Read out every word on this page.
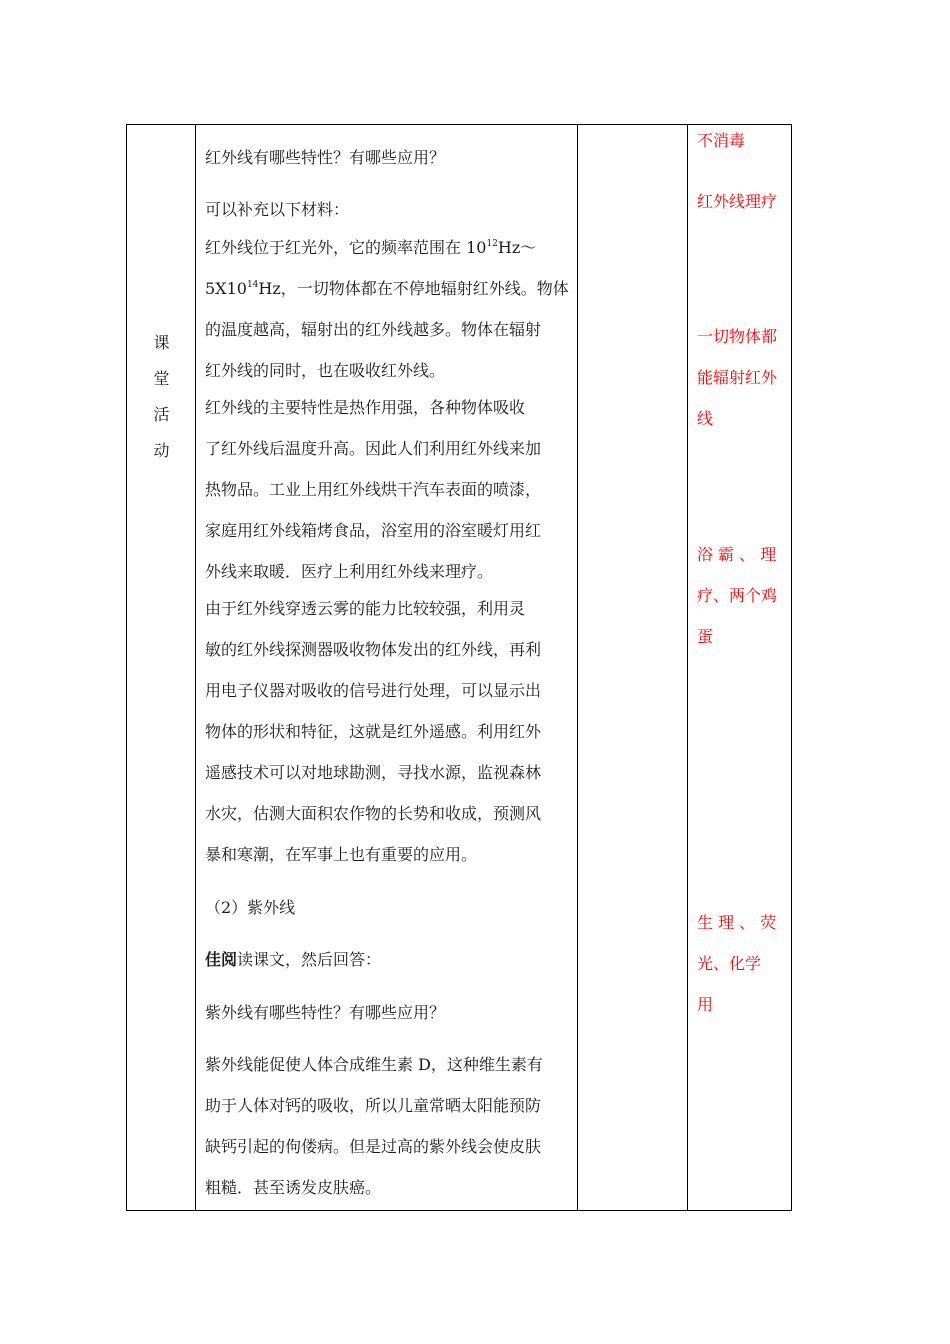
课
堂
活
动

红外线有哪些特性？有哪些应用？

可以补充以下材料：

红外线位于红光外，它的频率范围在 $10^{12}Hz\sim$

$5X10^{14}Hz$，一切物体都在不停地辐射红外线。物体

的温度越高，辐射出的红外线越多。物体在辐射

红外线的同时，也在吸收红外线。

红外线的主要特性是热作用强，各种物体吸收

了红外线后温度升高。因此人们利用红外线来加

热物品。工业上用红外线烘干汽车表面的喷漆，

家庭用红外线箱烤食品，浴室用的浴室暖灯用红

外线来取暖．医疗上利用红外线来理疗。

由于红外线穿透云雾的能力比较较强，利用灵

敏的红外线探测器吸收物体发出的红外线，再利

用电子仪器对吸收的信号进行处理，可以显示出

物体的形状和特征，这就是红外遥感。利用红外

遥感技术可以对地球勘测，寻找水源，监视森林

水灾，估测大面积农作物的长势和收成，预测风

暴和寒潮，在军事上也有重要的应用。

（2）紫外线

佳阅读课文，然后回答：

紫外线有哪些特性？有哪些应用？

紫外线能促使人体合成维生素 D，这种维生素有

助于人体对钙的吸收，所以儿童常晒太阳能预防

缺钙引起的佝偻病。但是过高的紫外线会使皮肤

粗糙．甚至诱发皮肤癌。

不消毒

红外线理疗

一切物体都

能辐射红外

线

浴 霸 、 理

疗、两个鸡

蛋

生 理 、 荧

光、化学

用
